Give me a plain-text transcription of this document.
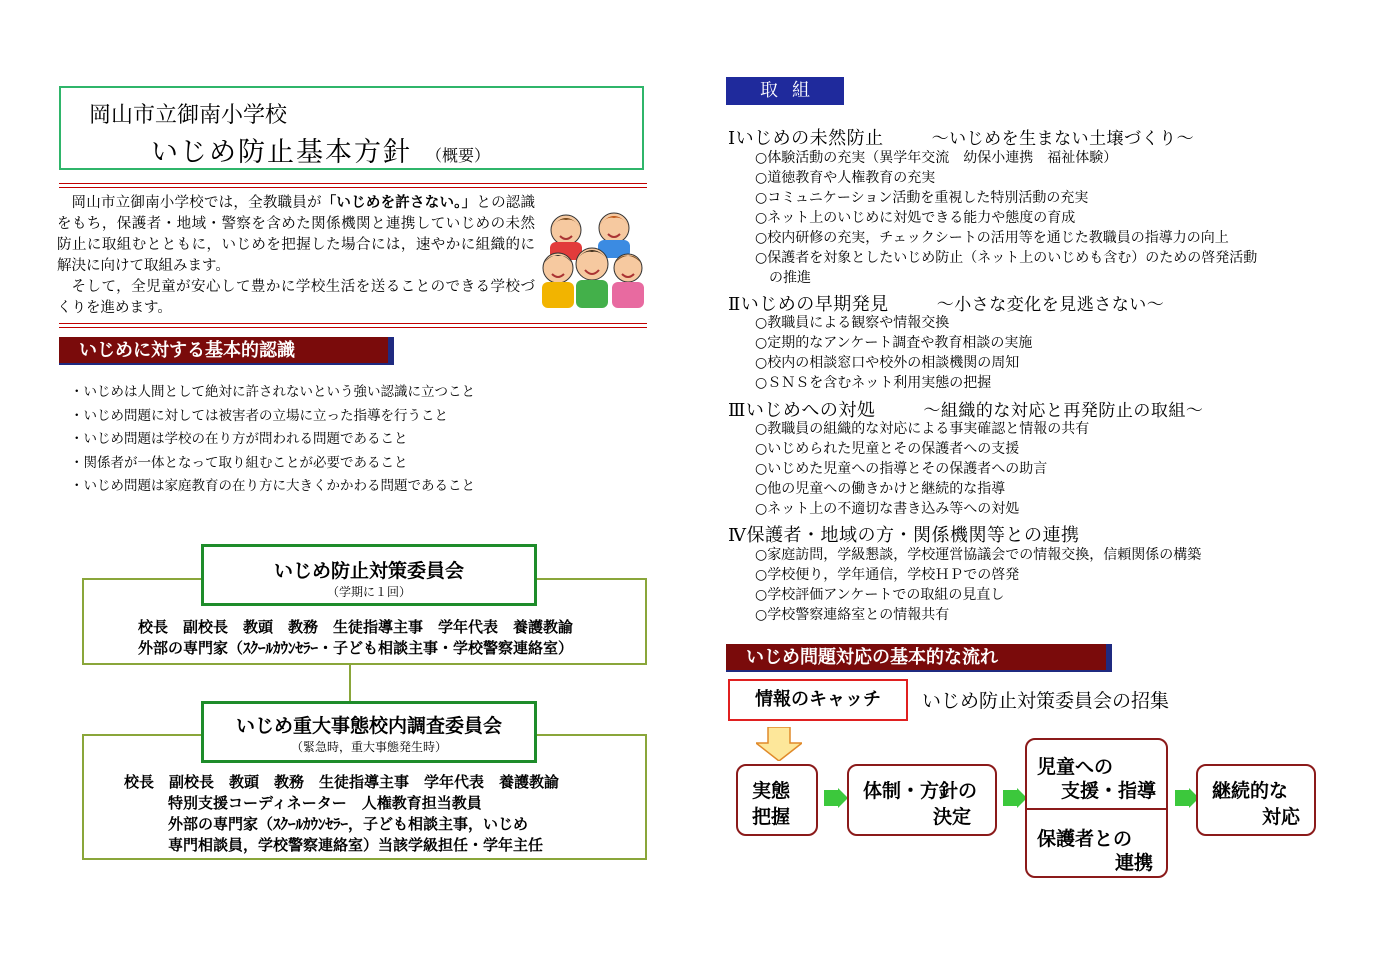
岡山市立御南小学校
いじめ防止基本方針 （概要）

岡山市立御南小学校では，全教職員が「いじめを許さない。」との認識をもち，保護者・地域・警察を含めた関係機関と連携していじめの未然防止に取組むとともに，いじめを把握した場合には，速やかに組織的に解決に向けて取組みます。

そして，全児童が安心して豊かに学校生活を送ることのできる学校づくりを進めます。

いじめに対する基本的認識
・いじめは人間として絶対に許されないという強い認識に立つこと
・いじめ問題に対しては被害者の立場に立った指導を行うこと
・いじめ問題は学校の在り方が問われる問題であること
・関係者が一体となって取り組むことが必要であること
・いじめ問題は家庭教育の在り方に大きくかかわる問題であること
校長　副校長　教頭　教務　生徒指導主事　学年代表　養護教諭
外部の専門家（ｽｸｰﾙｶｳﾝｾﾗｰ・子ども相談主事・学校警察連絡室）
いじめ防止対策委員会
（学期に１回）
校長　副校長　教頭　教務　生徒指導主事　学年代表　養護教諭
特別支援コーディネーター　人権教育担当教員
外部の専門家（ｽｸｰﾙｶｳﾝｾﾗｰ，子ども相談主事，いじめ
専門相談員，学校警察連絡室）当該学級担任・学年主任
いじめ重大事態校内調査委員会
（緊急時，重大事態発生時）
取組
Ⅰいじめの未然防止	～いじめを生まない土壌づくり～
○体験活動の充実（異学年交流　幼保小連携　福祉体験）
○道徳教育や人権教育の充実
○コミュニケーション活動を重視した特別活動の充実
○ネット上のいじめに対処できる能力や態度の育成
○校内研修の充実，チェックシートの活用等を通じた教職員の指導力の向上
○保護者を対象としたいじめ防止（ネット上のいじめも含む）のための啓発活動
　の推進
Ⅱいじめの早期発見	～小さな変化を見逃さない～
○教職員による観察や情報交換
○定期的なアンケート調査や教育相談の実施
○校内の相談窓口や校外の相談機関の周知
○ＳＮＳを含むネット利用実態の把握
Ⅲいじめへの対処	～組織的な対応と再発防止の取組～
○教職員の組織的な対応による事実確認と情報の共有
○いじめられた児童とその保護者への支援
○いじめた児童への指導とその保護者への助言
○他の児童への働きかけと継続的な指導
○ネット上の不適切な書き込み等への対処
Ⅳ保護者・地域の方・関係機関等との連携
○家庭訪問，学級懇談，学校運営協議会での情報交換，信頼関係の構築
○学校便り，学年通信，学校ＨＰでの啓発
○学校評価アンケートでの取組の見直し
○学校警察連絡室との情報共有
いじめ問題対応の基本的な流れ
情報のキャッチ	いじめ防止対策委員会の招集
実態
把握
体制・方針の
決定
児童への
支援・指導
保護者との
連携
継続的な
対応
